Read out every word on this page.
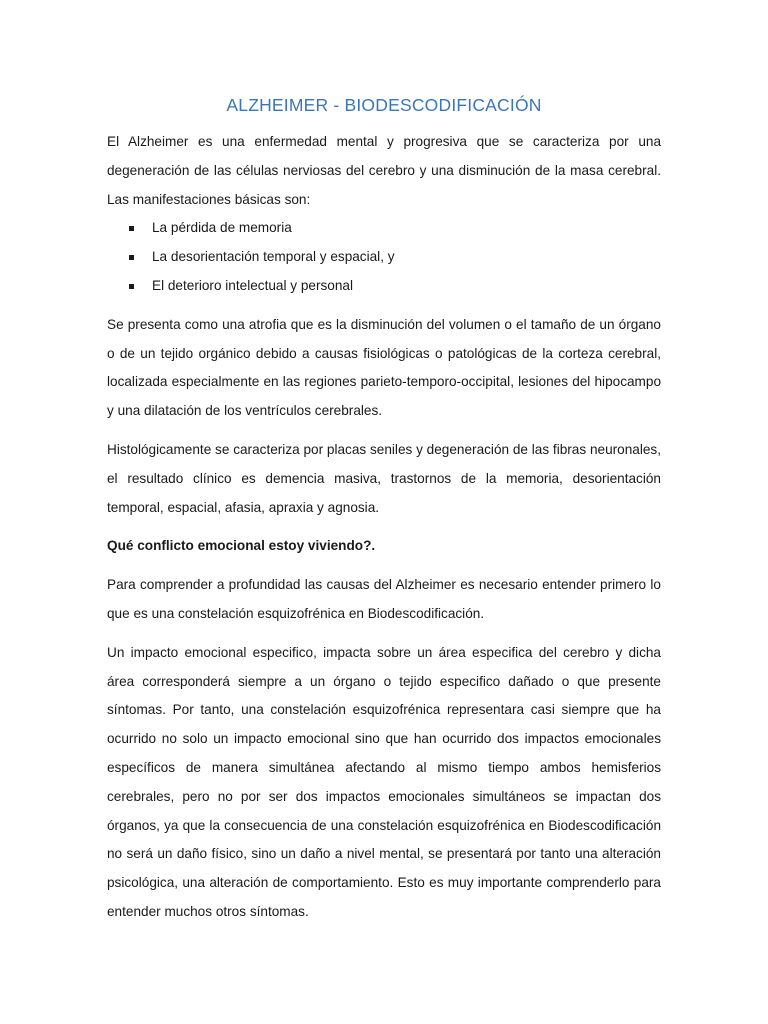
ALZHEIMER - BIODESCODIFICACIÓN

El Alzheimer es una enfermedad mental y progresiva que se caracteriza por una degeneración de las células nerviosas del cerebro y una disminución de la masa cerebral. Las manifestaciones básicas son:

La pérdida de memoria
La desorientación temporal y espacial, y
El deterioro intelectual y personal

Se presenta como una atrofia que es la disminución del volumen o el tamaño de un órgano o de un tejido orgánico debido a causas fisiológicas o patológicas de la corteza cerebral, localizada especialmente en las regiones parieto-temporo-occipital, lesiones del hipocampo y una dilatación de los ventrículos cerebrales.

Histológicamente se caracteriza por placas seniles y degeneración de las fibras neuronales, el resultado clínico es demencia masiva, trastornos de la memoria, desorientación temporal, espacial, afasia, apraxia y agnosia.

Qué conflicto emocional estoy viviendo?.

Para comprender a profundidad las causas del Alzheimer es necesario entender primero lo que es una constelación esquizofrénica en Biodescodificación.

Un impacto emocional especifico, impacta sobre un área especifica del cerebro y dicha área corresponderá siempre a un órgano o tejido especifico dañado o que presente síntomas. Por tanto, una constelación esquizofrénica representara casi siempre que ha ocurrido no solo un impacto emocional sino que han ocurrido dos impactos emocionales específicos de manera simultánea afectando al mismo tiempo ambos hemisferios cerebrales, pero no por ser dos impactos emocionales simultáneos se impactan dos órganos, ya que la consecuencia de una constelación esquizofrénica en Biodescodificación no será un daño físico, sino un daño a nivel mental, se presentará por tanto una alteración psicológica, una alteración de comportamiento. Esto es muy importante comprenderlo para entender muchos otros síntomas.
